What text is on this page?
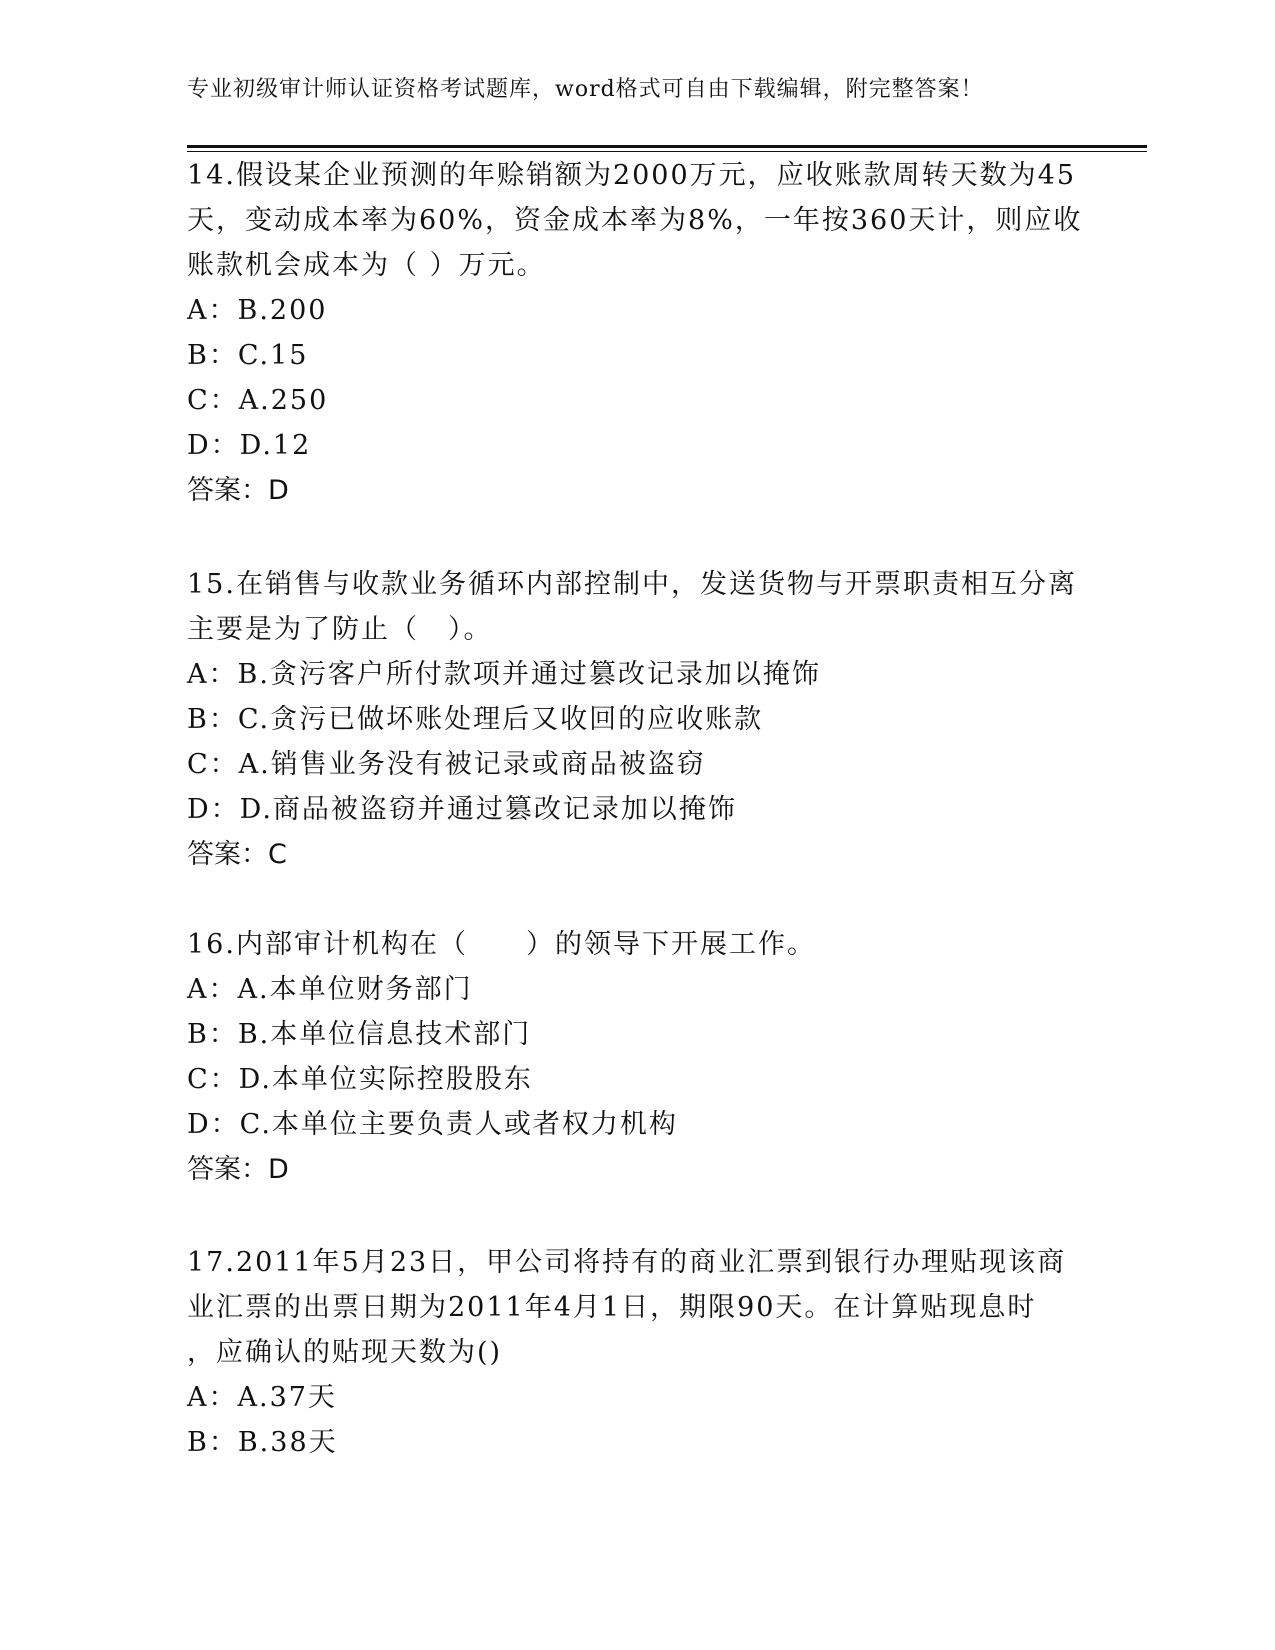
专业初级审计师认证资格考试题库，word格式可自由下载编辑，附完整答案！

14.假设某企业预测的年赊销额为2000万元，应收账款周转天数为45

天，变动成本率为60%，资金成本率为8%，一年按360天计，则应收

账款机会成本为（ ）万元。

A：B.200

B：C.15

C：A.250

D：D.12

答案：D

15.在销售与收款业务循环内部控制中，发送货物与开票职责相互分离

主要是为了防止（　）。

A：B.贪污客户所付款项并通过篡改记录加以掩饰

B：C.贪污已做坏账处理后又收回的应收账款

C：A.销售业务没有被记录或商品被盗窃

D：D.商品被盗窃并通过篡改记录加以掩饰

答案：C

16.内部审计机构在（　　）的领导下开展工作。

A：A.本单位财务部门

B：B.本单位信息技术部门

C：D.本单位实际控股股东

D：C.本单位主要负责人或者权力机构

答案：D

17.2011年5月23日，甲公司将持有的商业汇票到银行办理贴现该商

业汇票的出票日期为2011年4月1日，期限90天。在计算贴现息时

，应确认的贴现天数为()

A：A.37天

B：B.38天
